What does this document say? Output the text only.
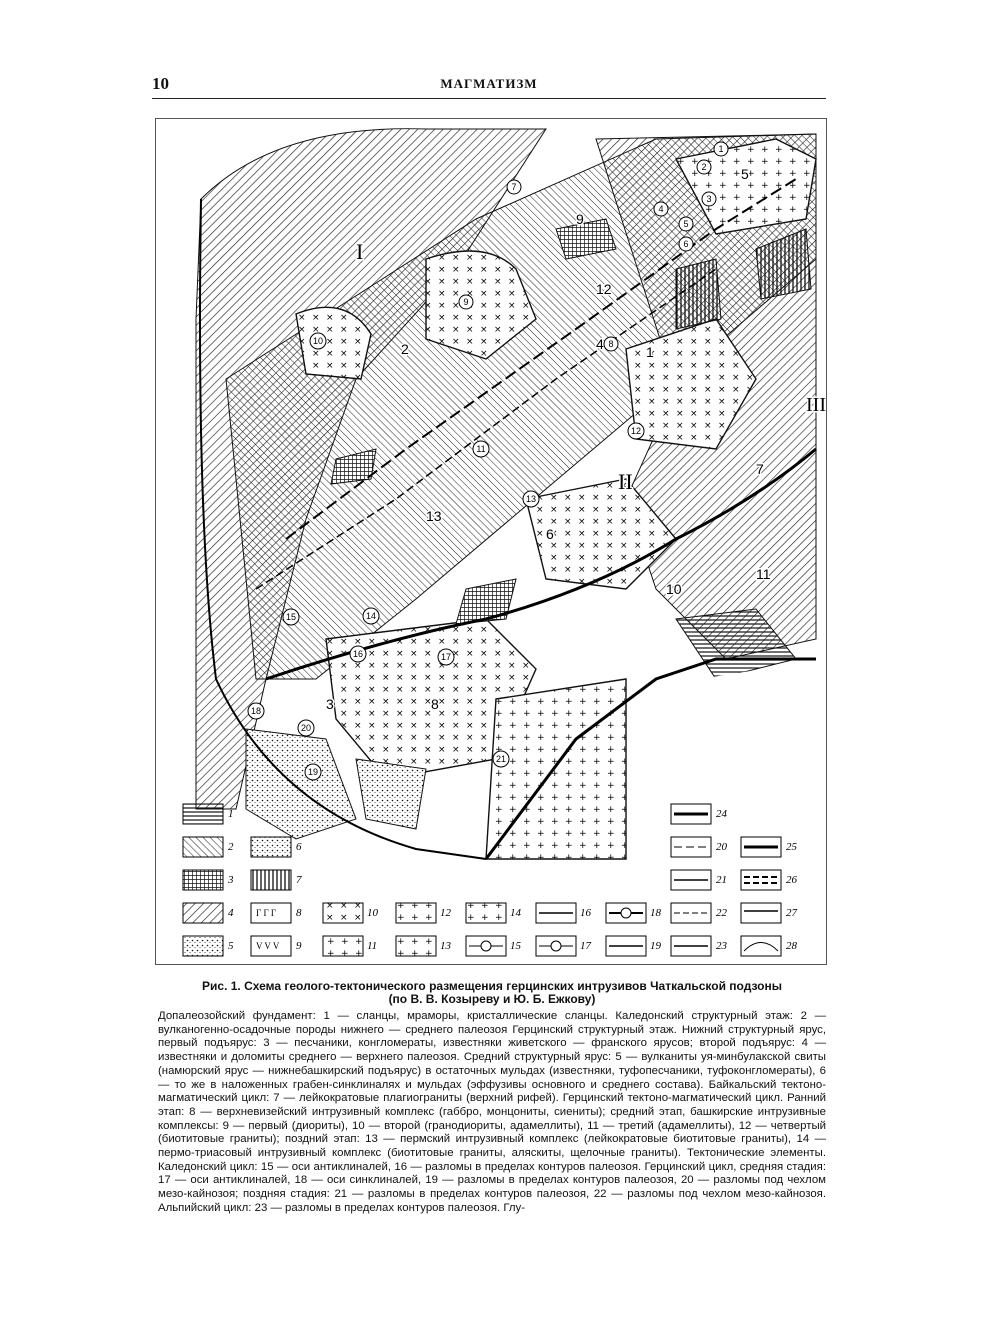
10	МАГМАТИЗМ
I
II
III
5
9
12
4	1
2
7
11
10
6
13
8
3
1
2
3
4
5
6
7
8
9
10
11
12
13
14
15
16	17
18
19
20
21
1
2
3
4
5
6
7
Г Г Г 8
V V V 9
10
11
12
13
14
15
16
17
18
19
24
20
21
22
23
25
26
27
28
Рис. 1. Схема геолого-тектонического размещения герцинских интрузивов Чаткальской подзоны
(по В. В. Козыреву и Ю. Б. Ежкову)

Допалеозойский фундамент: 1 — сланцы, мраморы, кристаллические сланцы. Каледонский структурный этаж: 2 — вулканогенно-осадочные породы нижнего — среднего палеозоя Герцинский структурный этаж. Нижний структурный ярус, первый подъярус: 3 — песчаники, конгломераты, известняки живетского — франского ярусов; второй подъярус: 4 — известняки и доломиты среднего — верхнего палеозоя. Средний структурный ярус: 5 — вулканиты уя-минбулакской свиты (намюрский ярус — нижнебашкирский подъярус) в остаточных мульдах (известняки, туфопесчаники, туфоконгломераты), 6 — то же в наложенных грабен-синклиналях и мульдах (эффузивы основного и среднего состава). Байкальский тектоно-магматический цикл: 7 — лейкократовые плагиограниты (верхний рифей). Герцинский тектоно-магматический цикл. Ранний этап: 8 — верхневизейский интрузивный комплекс (габбро, монцониты, сиениты); средний этап, башкирские интрузивные комплексы: 9 — первый (диориты), 10 — второй (гранодиориты, адамеллиты), 11 — третий (адамеллиты), 12 — четвертый (биотитовые граниты); поздний этап: 13 — пермский интрузивный комплекс (лейкократовые биотитовые граниты), 14 — пермо-триасовый интрузивный комплекс (биотитовые граниты, аляскиты, щелочные граниты). Тектонические элементы. Каледонский цикл: 15 — оси антиклиналей, 16 — разломы в пределах контуров палеозоя. Герцинский цикл, средняя стадия: 17 — оси антиклиналей, 18 — оси синклиналей, 19 — разломы в пределах контуров палеозоя, 20 — разломы под чехлом мезо-кайнозоя; поздняя стадия: 21 — разломы в пределах контуров палеозоя, 22 — разломы под чехлом мезо-кайнозоя. Альпийский цикл: 23 — разломы в пределах контуров палеозоя. Глу-
